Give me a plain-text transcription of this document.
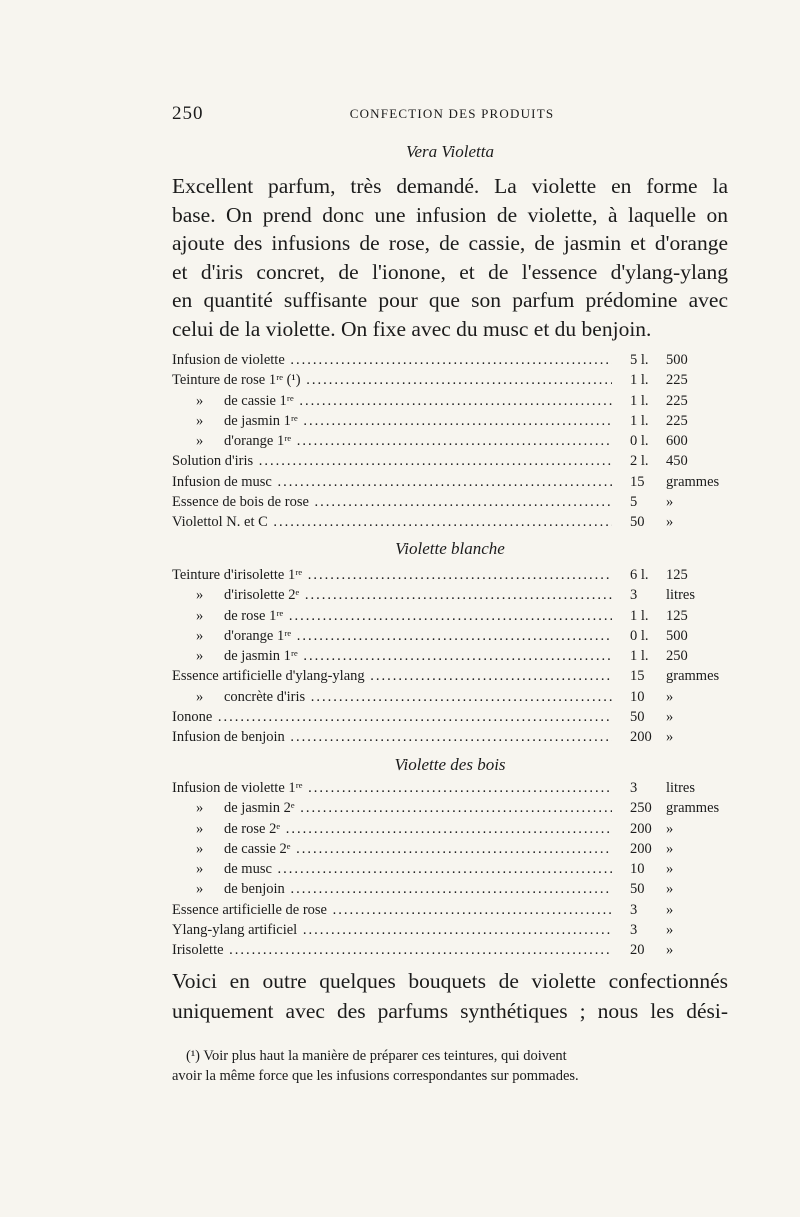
250	CONFECTION DES PRODUITS
Vera Violetta

Excellent parfum, très demandé. La violette en forme la
base. On prend donc une infusion de violette, à laquelle on
ajoute des infusions de rose, de cassie, de jasmin et d'orange
et d'iris concret, de l'ionone, et de l'essence d'ylang-ylang
en quantité suffisante pour que son parfum prédomine avec
celui de la violette. On fixe avec du musc et du benjoin.

Infusion de violette .....	5 l. 500
Teinture de rose 1ʳᵉ (¹) .....	1 l. 225
» de cassie 1ʳᵉ .....	1 l. 225
» de jasmin 1ʳᵉ .....	1 l. 225
» d'orange 1ʳᵉ .....	0 l. 600
Solution d'iris .....	2 l. 450
Infusion de musc .....	15 grammes
Essence de bois de rose .....	5 »
Violettol N. et C .....	50 »
Violette blanche
Teinture d'irisolette 1ʳᵉ .....	6 l. 125
» d'irisolette 2ᵉ .....	3 litres
» de rose 1ʳᵉ .....	1 l. 125
» d'orange 1ʳᵉ .....	0 l. 500
» de jasmin 1ʳᵉ .....	1 l. 250
Essence artificielle d'ylang-ylang .....	15 grammes
» concrète d'iris .....	10 »
Ionone .....	50 »
Infusion de benjoin .....	200 »
Violette des bois
Infusion de violette 1ʳᵉ .....	3 litres
» de jasmin 2ᵉ .....	250 grammes
» de rose 2ᵉ .....	200 »
» de cassie 2ᵉ .....	200 »
» de musc .....	10 »
» de benjoin .....	50 »
Essence artificielle de rose .....	3 »
Ylang-ylang artificiel .....	3 »
Irisolette .....	20 »
Voici en outre quelques bouquets de violette confectionnés
uniquement avec des parfums synthétiques ; nous les dési-
(¹) Voir plus haut la manière de préparer ces teintures, qui doivent
avoir la même force que les infusions correspondantes sur pommades.
